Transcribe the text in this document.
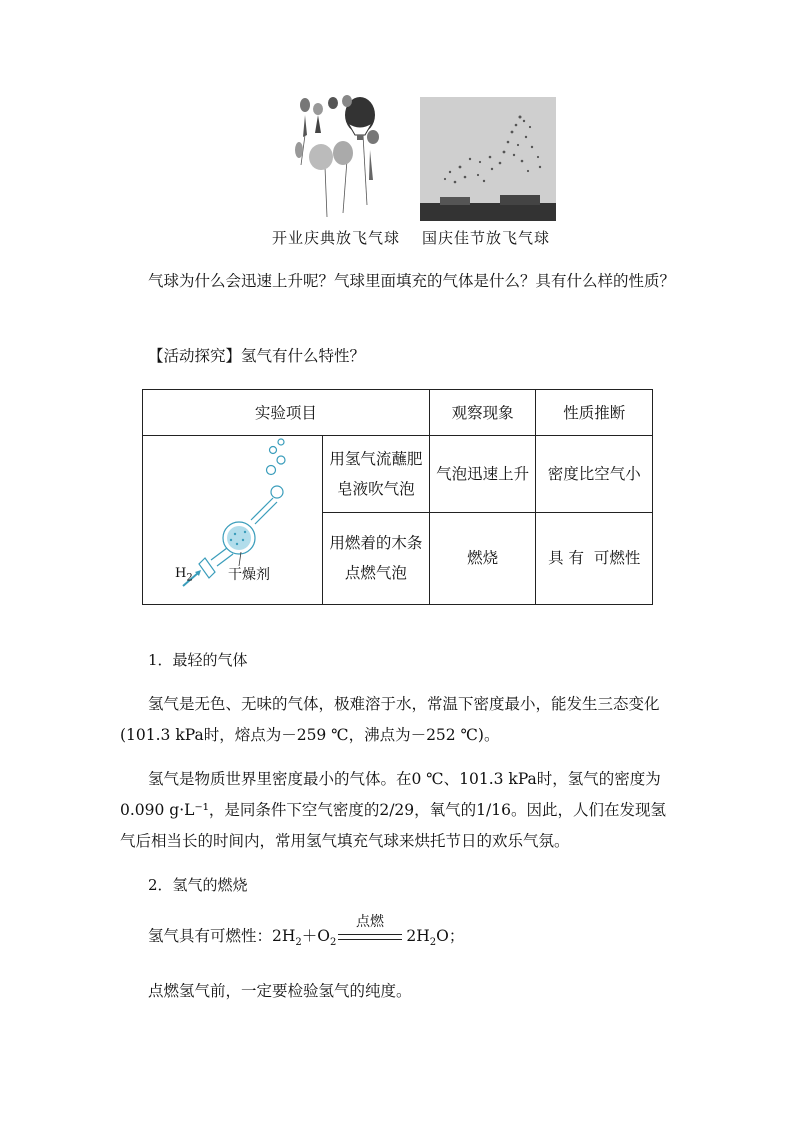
开业庆典放飞气球 国庆佳节放飞气球
气球为什么会迅速上升呢？气球里面填充的气体是什么？具有什么样的性质？
【活动探究】氢气有什么特性？
实验项目		观察现象	性质推断

$H_2$ 干燥剂	用氢气流蘸肥皂液吹气泡	气泡迅速上升	密度比空气小
	用燃着的木条点燃气泡	燃烧	具 有  可燃性
1．最轻的气体
氢气是无色、无味的气体，极难溶于水，常温下密度最小，能发生三态变化(101.3 kPa时，熔点为－259 ℃，沸点为－252 ℃)。
氢气是物质世界里密度最小的气体。在0 ℃、101.3 kPa时，氢气的密度为0.090 g·L⁻¹，是同条件下空气密度的2/29，氧气的1/16。因此，人们在发现氢气后相当长的时间内，常用氢气填充气球来烘托节日的欢乐气氛。
2．氢气的燃烧
点燃
氢气具有可燃性：$2H_2+O_2$	$2H_2O$；
点燃氢气前，一定要检验氢气的纯度。
